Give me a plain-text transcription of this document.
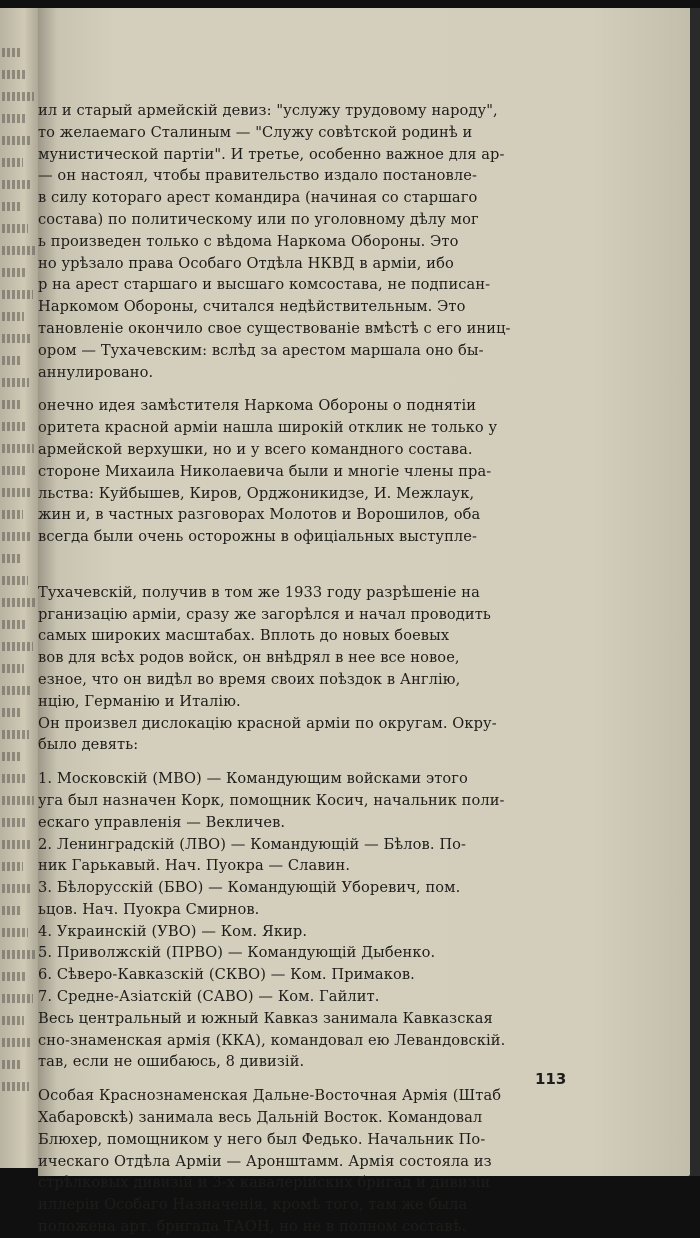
ил и старый армейскій девиз: "услужу трудовому народу",
то желаемаго Сталиным — "Служу совѣтской родинѣ и
мунистической партіи". И третье, особенно важное для ар-
— он настоял, чтобы правительство издало постановле-
в силу котораго арест командира (начиная со старшаго
состава) по политическому или по уголовному дѣлу мог
ь произведен только с вѣдома Наркома Обороны. Это
но урѣзало права Особаго Отдѣла НКВД в арміи, ибо
р на арест старшаго и высшаго комсостава, не подписан-
Наркомом Обороны, считался недѣйствительным. Это
тановленіе окончило свое существованіе вмѣстѣ с его иниц-
ором — Тухачевским: вслѣд за арестом маршала оно бы-
аннулировано.
онечно идея замѣстителя Наркома Обороны о поднятіи
оритета красной арміи нашла широкій отклик не только у
армейской верхушки, но и у всего командного состава.
стороне Михаила Николаевича были и многіе члены пра-
льства: Куйбышев, Киров, Орджоникидзе, И. Межлаук,
жин и, в частных разговорах Молотов и Ворошилов, оба
всегда были очень осторожны в офиціальных выступле-
Тухачевскій, получив в том же 1933 году разрѣшеніе на
рганизацію арміи, сразу же загорѣлся и начал проводить
самых широких масштабах. Вплоть до новых боевых
вов для всѣх родов войск, он внѣдрял в нее все новое,
езное, что он видѣл во время своих поѣздок в Англію,
нцію, Германію и Италію.
Он произвел дислокацію красной арміи по округам. Окру-
было девять:
1. Московскій (МВО) — Командующим войсками этого
уга был назначен Корк, помощник Косич, начальник поли-
ескаго управленія — Векличев.
2. Ленинградскій (ЛВО) — Командующій — Бѣлов. По-
ник Гарькавый. Нач. Пуокра — Славин.
3. Бѣлорусскій (БВО) — Командующій Уборевич, пом.
ьцов. Нач. Пуокра Смирнов.
4. Украинскій (УВО) — Ком. Якир.
5. Приволжскій (ПРВО) — Командующій Дыбенко.
6. Сѣверо-Кавказскій (СКВО) — Ком. Примаков.
7. Средне-Азіатскій (САВО) — Ком. Гайлит.
Весь центральный и южный Кавказ занимала Кавказская
сно-знаменская армія (ККА), командовал ею Левандовскій.
тав, если не ошибаюсь, 8 дивизій.
Особая Краснознаменская Дальне-Восточная Армія (Штаб
Хабаровскѣ) занимала весь Дальній Восток. Командовал
Блюхер, помощником у него был Федько. Начальник По-
ическаго Отдѣла Арміи — Аронштамм. Армія состояла из
стрѣлковых дивизій и 3-х кавалерійских бригад и дивизіи
иллеріи Особаго Назначенія, кромѣ того, там же была
положена арт. бригада ТАОН, но не в полном составѣ.
113
